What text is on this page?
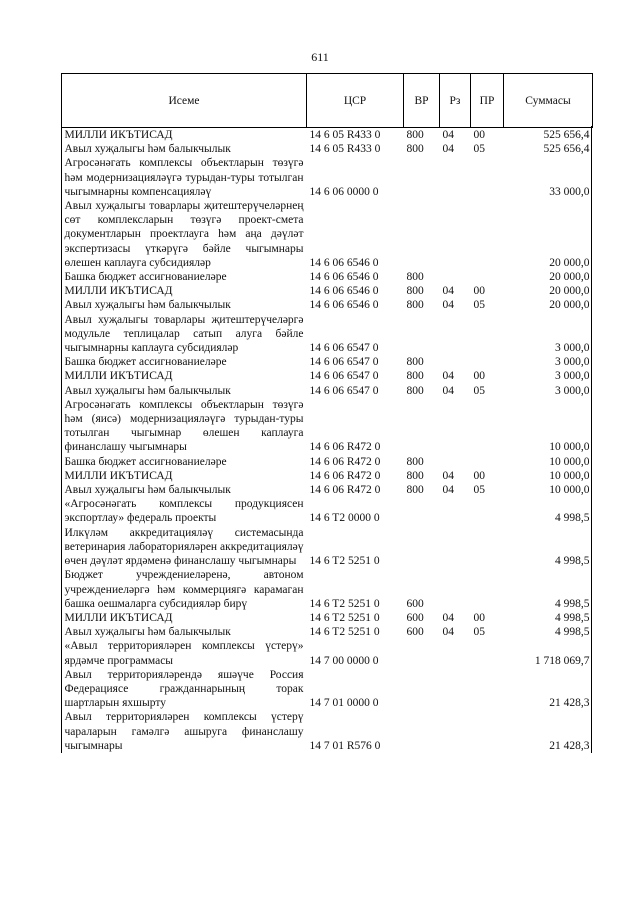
611
Исеме	ЦСР	ВР	Рз	ПР	Суммасы
МИЛЛИ ИКЪТИСАД	14 6 05 R433 0	800	04	00	525 656,4
Авыл хуҗалыгы һәм балыкчылык	14 6 05 R433 0	800	04	05	525 656,4
Агросәнәгать комплексы объектларын төзүгә һәм модернизацияләүгә турыдан-туры тотылган чыгымнарны компенсацияләү	14 6 06 0000 0				33 000,0
Авыл хуҗалыгы товарлары җитештерүчеләрнең сөт комплексларын төзүгә проект-смета документларын проектлауга һәм аңа дәүләт экспертизасы үткәрүгә бәйле чыгымнары өлешен каплауга субсидияләр	14 6 06 6546 0				20 000,0
Башка бюджет ассигнованиеләре	14 6 06 6546 0	800			20 000,0
МИЛЛИ ИКЪТИСАД	14 6 06 6546 0	800	04	00	20 000,0
Авыл хуҗалыгы һәм балыкчылык	14 6 06 6546 0	800	04	05	20 000,0
Авыл хуҗалыгы товарлары җитештерүчеләргә модульле теплицалар сатып алуга бәйле чыгымнарны каплауга субсидияләр	14 6 06 6547 0				3 000,0
Башка бюджет ассигнованиеләре	14 6 06 6547 0	800			3 000,0
МИЛЛИ ИКЪТИСАД	14 6 06 6547 0	800	04	00	3 000,0
Авыл хуҗалыгы һәм балыкчылык	14 6 06 6547 0	800	04	05	3 000,0
Агросәнәгать комплексы объектларын төзүгә һәм (яисә) модернизацияләүгә турыдан-туры тотылган чыгымнар өлешен каплауга финанслашу чыгымнары	14 6 06 R472 0				10 000,0
Башка бюджет ассигнованиеләре	14 6 06 R472 0	800			10 000,0
МИЛЛИ ИКЪТИСАД	14 6 06 R472 0	800	04	00	10 000,0
Авыл хуҗалыгы һәм балыкчылык	14 6 06 R472 0	800	04	05	10 000,0
«Агросәнәгать комплексы продукциясен экспортлау» федераль проекты	14 6 T2 0000 0				4 998,5
Илкүләм аккредитацияләү системасында ветеринария лабораторияләрен аккредитацияләү өчен дәүләт ярдәменә финанслашу чыгымнары	14 6 T2 5251 0				4 998,5
Бюджет учреждениеләренә, автоном учреждениеләргә һәм коммерциягә карамаган башка оешмаларга субсидияләр бирү	14 6 T2 5251 0	600			4 998,5
МИЛЛИ ИКЪТИСАД	14 6 T2 5251 0	600	04	00	4 998,5
Авыл хуҗалыгы һәм балыкчылык	14 6 T2 5251 0	600	04	05	4 998,5
«Авыл территорияләрен комплексы үстерү» ярдәмче программасы	14 7 00 0000 0				1 718 069,7
Авыл территорияләрендә яшәүче Россия Федерациясе гражданнарының торак шартларын яхшырту	14 7 01 0000 0				21 428,3
Авыл территорияләрен комплексы үстерү чараларын гамәлгә ашыруга финанслашу чыгымнары	14 7 01 R576 0				21 428,3
